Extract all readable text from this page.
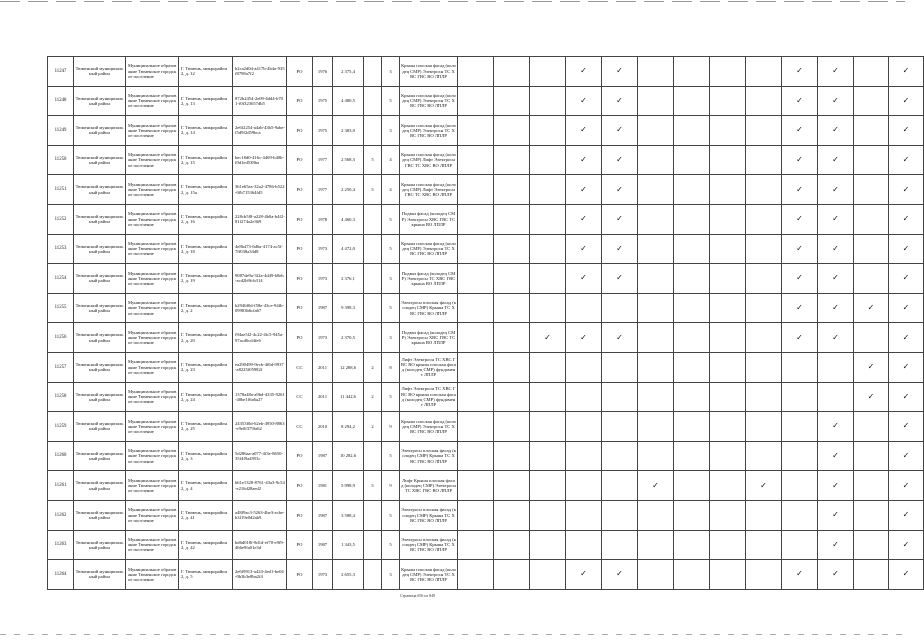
11247	Тюменский муниципальный район	Муниципальное образование Тюменское городское поселение	Г. Тюмень, микрорайон 2, д. 12	b2ca2d0d-a417b-4b4a-935f8798a7f2	РО	1976	2 375,4		3	Крыша плоская фасад (колодец СМР) Электросн ТС ХВС ГВС ВО ЛПЛР				✓	✓					✓	✓		✓
11248	Тюменский муниципальный район	Муниципальное образование Тюменское городское поселение	Г. Тюмень, микрорайон 2, д. 13	872b2454-2e09-4dd4-b701-f0f323657db5	РО	1975	4 480,5		5	Крыша плоская фасад (колодец СМР) Электросн ТС ХВС ГВС ВО ЛПЛР				✓	✓					✓	✓		✓
11249	Тюменский муниципальный район	Муниципальное образование Тюменское городское поселение	Г. Тюмень, микрорайон 2, д. 14	2e6f2254-a4ab-43b5-9abe-f5d9f2d59bca	РО	1975	2 383,0		3	Крыша плоская фасад (колодец СМР) Электросн ТС ХВС ГВС ВО ЛПЛР				✓	✓					✓	✓		✓
11250	Тюменский муниципальный район	Муниципальное образование Тюменское городское поселение	Г. Тюмень, микрорайон 2, д. 15	bec18d0-416c-4469-b40b-f0d1ed538ba	РО	1977	2 568,3	5	4	Крыша плоская фасад (колодец СМР) Лифт Электросн ГВС ТС ХВС ВО ЛПЛР				✓	✓					✓	✓		✓
11251	Тюменский муниципальный район	Муниципальное образование Тюменское городское поселение	Г. Тюмень, микрорайон 2, д. 15а	361e65ea-32a2-4786-b522-0fb715364fd5	РО	1977	2 250,4	5	4	Крыша плоская фасад (колодец СМР) Лифт Электросн ГВС ТС ХВС ВО ЛПЛР				✓	✓					✓	✓		✓
11252	Тюменский муниципальный район	Муниципальное образование Тюменское городское поселение	Г. Тюмень, микрорайон 2, д. 16	228cb5f8-a228-4b0a-b4f2-81f274a2e369	РО	1978	4 460,3		5	Подвал фасад (колодец СМР) Электросн ХВС ГВС ТС крыша ВО ЛПЛР				✓	✓					✓	✓		✓
11253	Тюменский муниципальный район	Муниципальное образование Тюменское городское поселение	Г. Тюмень, микрорайон 2, д. 18	4e8b473-6d6a-4174-ac5f-7ff038a34d8	РО	1973	4 472,0		5	Крыша плоская фасад (колодец СМР) Электросн ТС ХВС ГВС ВО ЛПЛР				✓	✓					✓	✓		✓
11254	Тюменский муниципальный район	Муниципальное образование Тюменское городское поселение	Г. Тюмень, микрорайон 2, д. 19	9087de9a-3f2a-4d49-b8eb-acd2b9fcb314	РО	1973	2 376,1		3	Подвал фасад (колодец СМР) Электросн ТС ХВС ГВС крыша ВО ЛПЛР				✓	✓					✓	✓		✓
11255	Тюменский муниципальный район	Муниципальное образование Тюменское городское поселение	Г. Тюмень, микрорайон 2, д. 2	b2946f0d-f58e-43ce-94fb-09983b6cfa67	РО	1987	9 398,3		5	Электросн плоская фасад (колодец СМР) Крыша ТС ХВС ГВС ВО ЛПЛР										✓	✓	✓	✓
11256	Тюменский муниципальный район	Муниципальное образование Тюменское городское поселение	Г. Тюмень, микрорайон 2, д. 20	f94ae5f2-4c22-4fc5-945a-97acd6cd4fe6	РО	1973	2 370,5		3	Подвал фасад (колодец СМР) Электросн ХВС ГВС ТС крыша ВО ЛПЛР			✓	✓	✓					✓	✓		✓
11257	Тюменский муниципальный район	Муниципальное образование Тюменское городское поселение	Г. Тюмень, микрорайон 2, д. 23	ea290499-9ecb-4f6d-9937-a8225f05982f	СС	2011	12 288,6	2	8	Лифт Электросн ТС ХВС ГВС ВО крыша плоская фасад (колодец СМР) фундамент ЛПЛР												✓	✓
11258	Тюменский муниципальный район	Муниципальное образование Тюменское городское поселение	Г. Тюмень, микрорайон 2, д. 24	1378a48a-a9bd-4335-9261-40be1f6a6a27	СС	2011	11 442,6	2	5	Лифт Электросн ТС ХВС ГВС ВО крыша плоская фасад (колодец СМР) фундамент ЛПЛР												✓	✓
11259	Тюменский муниципальный район	Муниципальное образование Тюменское городское поселение	Г. Тюмень, микрорайон 2, д. 25	24353f0d-62eb-4950-8863-e9e0f379fa62	СС	2010	8 294,2	2	9	Крыша плоская фасад (колодец СМР) Электросн ТС ХВС ГВС ВО ЛПЛР											✓		✓
11260	Тюменский муниципальный район	Муниципальное образование Тюменское городское поселение	Г. Тюмень, микрорайон 2, д. 3	5d286aa-a077-4f3e-8650-35f4f9a4953c	РО	1987	10 282,6		5	Электросн плоская фасад (колодец СМР) Крыша ТС ХВС ГВС ВО ЛПЛР											✓		✓
11261	Тюменский муниципальный район	Муниципальное образование Тюменское городское поселение	Г. Тюмень, микрорайон 2, д. 4	b61e1328-8761-43a3-9c54-e216d28aed2	РО	1981	5 998,9	5	9	Лифт Крыша плоская фасад (колодец СМР) Электросн ТС ХВС ГВС ВО ЛПЛР						✓			✓		✓		✓
11262	Тюменский муниципальный район	Муниципальное образование Тюменское городское поселение	Г. Тюмень, микрорайон 2, д. 41	a48f9ac3-5263-4be3-acbe-b3f19e0d2ab9	РО	1987	3 588,4		5	Электросн плоская фасад (колодец СМР) Крыша ТС ХВС ГВС ВО ЛПЛР											✓		✓
11263	Тюменский муниципальный район	Муниципальное образование Тюменское городское поселение	Г. Тюмень, микрорайон 2, д. 42	bd6d018f-8d1d-ef70-e9f9-466e9fa01e3d	РО	1987	1 343,5		5	Электросн плоская фасад (колодец СМР) Крыша ТС ХВС ГВС ВО ЛПЛР											✓		✓
11264	Тюменский муниципальный район	Муниципальное образование Тюменское городское поселение	Г. Тюмень, микрорайон 2, д. 5	2e6f9913-a424-4ed1-be04-0b3b3e8ba2f4	РО	1973	2 655,3		3	Крыша плоская фасад (колодец СМР) Электросн ТС ХВС ГВС ВО ЛПЛР				✓	✓					✓	✓		✓
Страница 656 из 849
